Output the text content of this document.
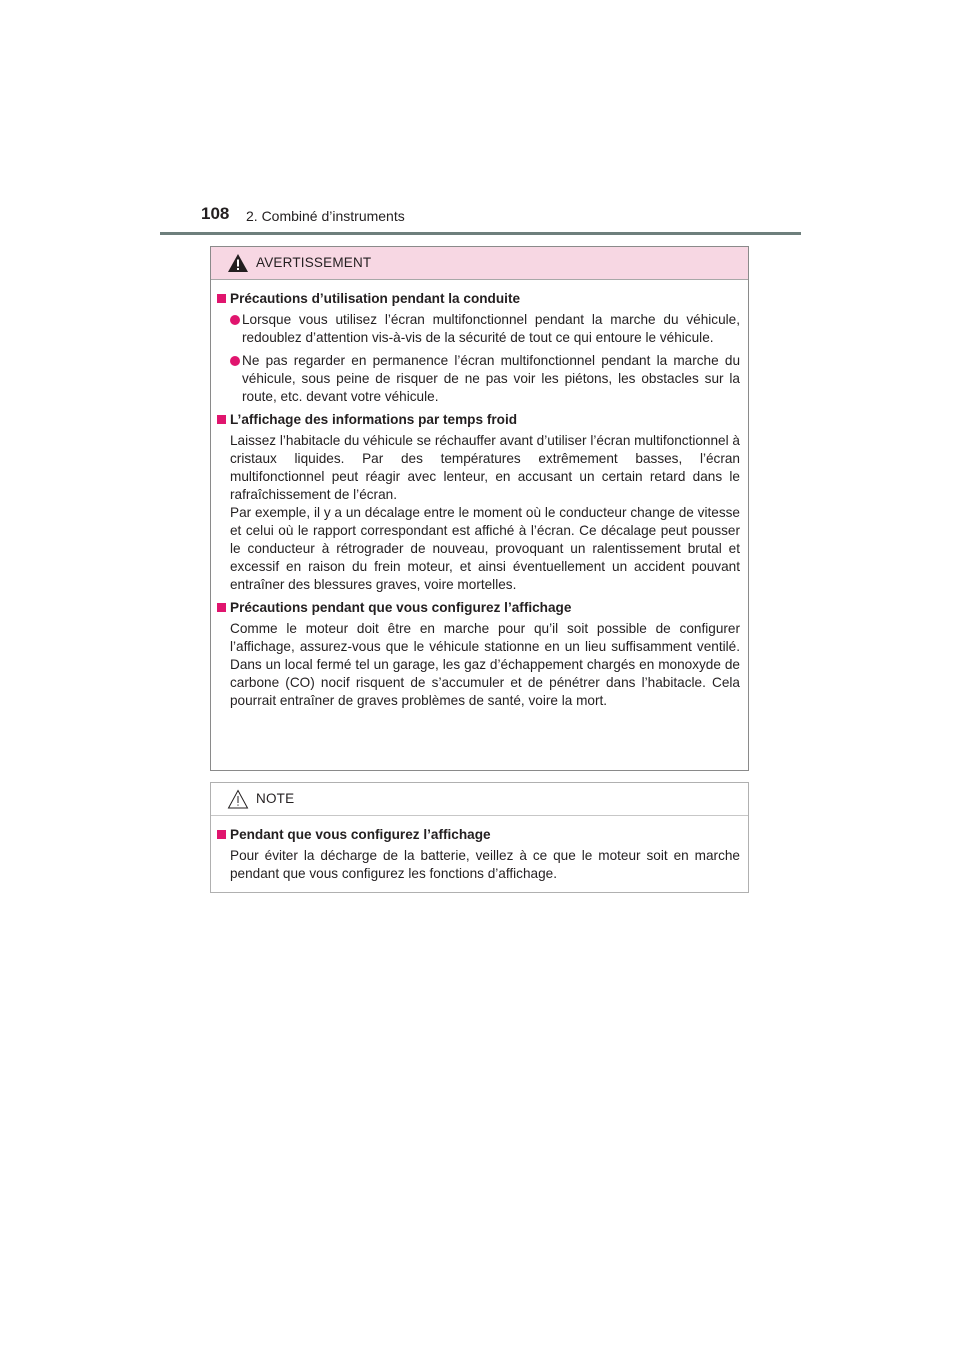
108 2. Combiné d’instruments
AVERTISSEMENT
Précautions d’utilisation pendant la conduite
Lorsque vous utilisez l’écran multifonctionnel pendant la marche du véhicule, redoublez d’attention vis-à-vis de la sécurité de tout ce qui entoure le véhicule.
Ne pas regarder en permanence l’écran multifonctionnel pendant la marche du véhicule, sous peine de risquer de ne pas voir les piétons, les obstacles sur la route, etc. devant votre véhicule.
L’affichage des informations par temps froid
Laissez l’habitacle du véhicule se réchauffer avant d’utiliser l’écran multifonctionnel à cristaux liquides. Par des températures extrêmement basses, l’écran multifonctionnel peut réagir avec lenteur, en accusant un certain retard dans le rafraîchissement de l’écran.
Par exemple, il y a un décalage entre le moment où le conducteur change de vitesse et celui où le rapport correspondant est affiché à l’écran. Ce décalage peut pousser le conducteur à rétrograder de nouveau, provoquant un ralentissement brutal et excessif en raison du frein moteur, et ainsi éventuellement un accident pouvant entraîner des blessures graves, voire mortelles.
Précautions pendant que vous configurez l’affichage
Comme le moteur doit être en marche pour qu’il soit possible de configurer l’affichage, assurez-vous que le véhicule stationne en un lieu suffisamment ventilé. Dans un local fermé tel un garage, les gaz d’échappement chargés en monoxyde de carbone (CO) nocif risquent de s’accumuler et de pénétrer dans l’habitacle. Cela pourrait entraîner de graves problèmes de santé, voire la mort.
NOTE
Pendant que vous configurez l’affichage
Pour éviter la décharge de la batterie, veillez à ce que le moteur soit en marche pendant que vous configurez les fonctions d’affichage.
